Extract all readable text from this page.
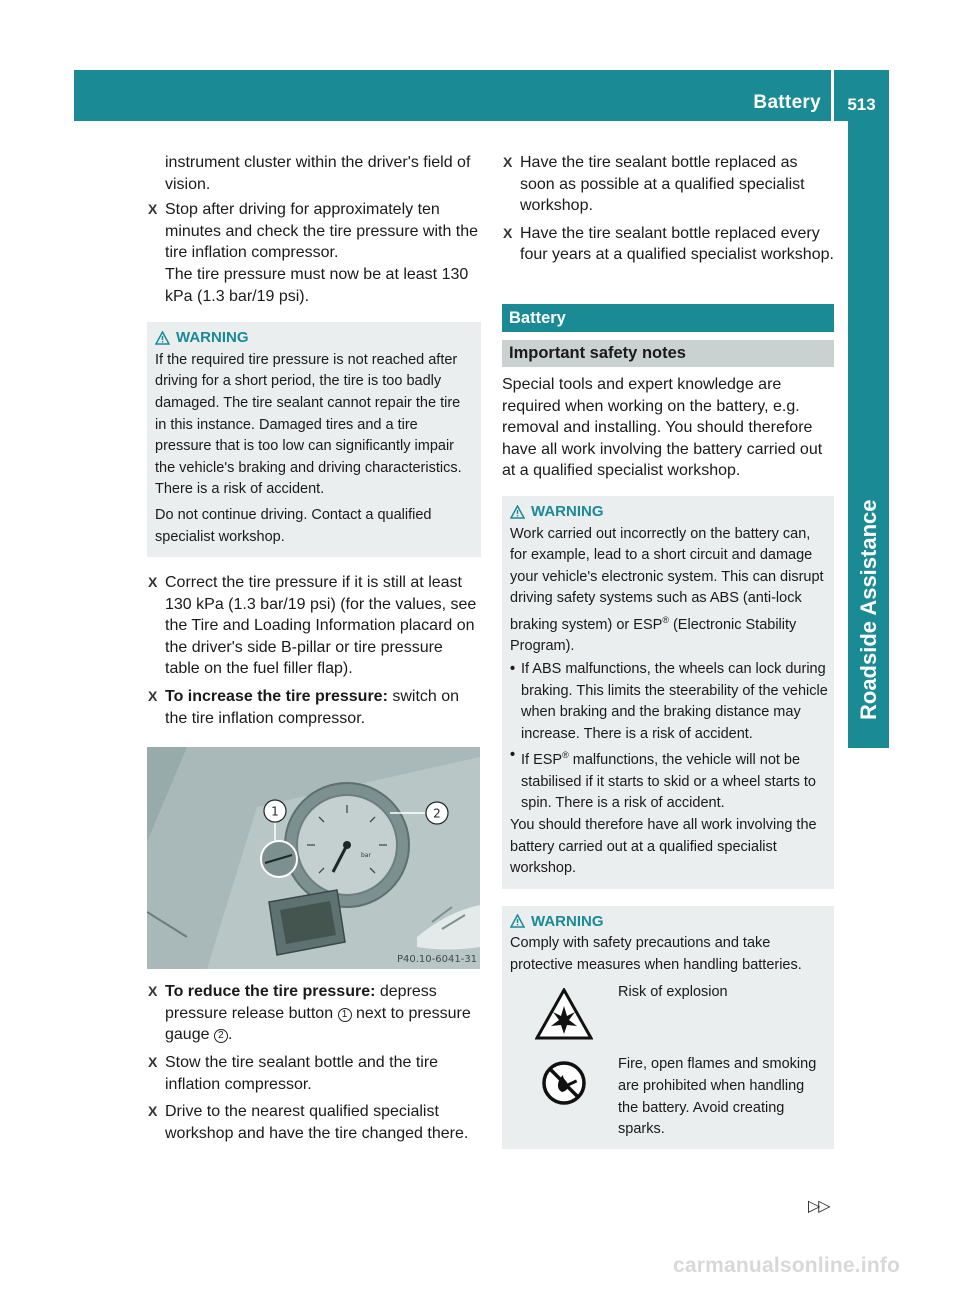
Battery	513
Roadside Assistance

instrument cluster within the driver's field of vision.

X Stop after driving for approximately ten minutes and check the tire pressure with the tire inflation compressor.
The tire pressure must now be at least 130 kPa (1.3 bar/19 psi).
WARNING

If the required tire pressure is not reached after driving for a short period, the tire is too badly damaged. The tire sealant cannot repair the tire in this instance. Damaged tires and a tire pressure that is too low can significantly impair the vehicle's braking and driving characteristics. There is a risk of accident.

Do not continue driving. Contact a qualified specialist workshop.

X Correct the tire pressure if it is still at least 130 kPa (1.3 bar/19 psi) (for the values, see the Tire and Loading Information placard on the driver's side B-pillar or tire pressure table on the fuel filler flap).
X To increase the tire pressure: switch on the tire inflation compressor.
bar
1	2
P40.10-6041-31
X To reduce the tire pressure: depress pressure release button 1 next to pressure gauge 2 .
X Stow the tire sealant bottle and the tire inflation compressor.
X Drive to the nearest qualified specialist workshop and have the tire changed there.
X Have the tire sealant bottle replaced as soon as possible at a qualified specialist workshop.
X Have the tire sealant bottle replaced every four years at a qualified specialist workshop.
Battery
Important safety notes

Special tools and expert knowledge are required when working on the battery, e.g. removal and installing. You should therefore have all work involving the battery carried out at a qualified specialist workshop.

WARNING

Work carried out incorrectly on the battery can, for example, lead to a short circuit and damage your vehicle's electronic system. This can disrupt driving safety systems such as ABS (anti-lock braking system) or ESP® (Electronic Stability Program).

• If ABS malfunctions, the wheels can lock during braking. This limits the steerability of the vehicle when braking and the braking distance may increase. There is a risk of accident.
• If ESP® malfunctions, the vehicle will not be stabilised if it starts to skid or a wheel starts to spin. There is a risk of accident.

You should therefore have all work involving the battery carried out at a qualified specialist workshop.

WARNING

Comply with safety precautions and take protective measures when handling batteries.

Risk of explosion
Fire, open flames and smoking are prohibited when handling the battery. Avoid creating sparks.
▷▷
carmanualsonline.info
